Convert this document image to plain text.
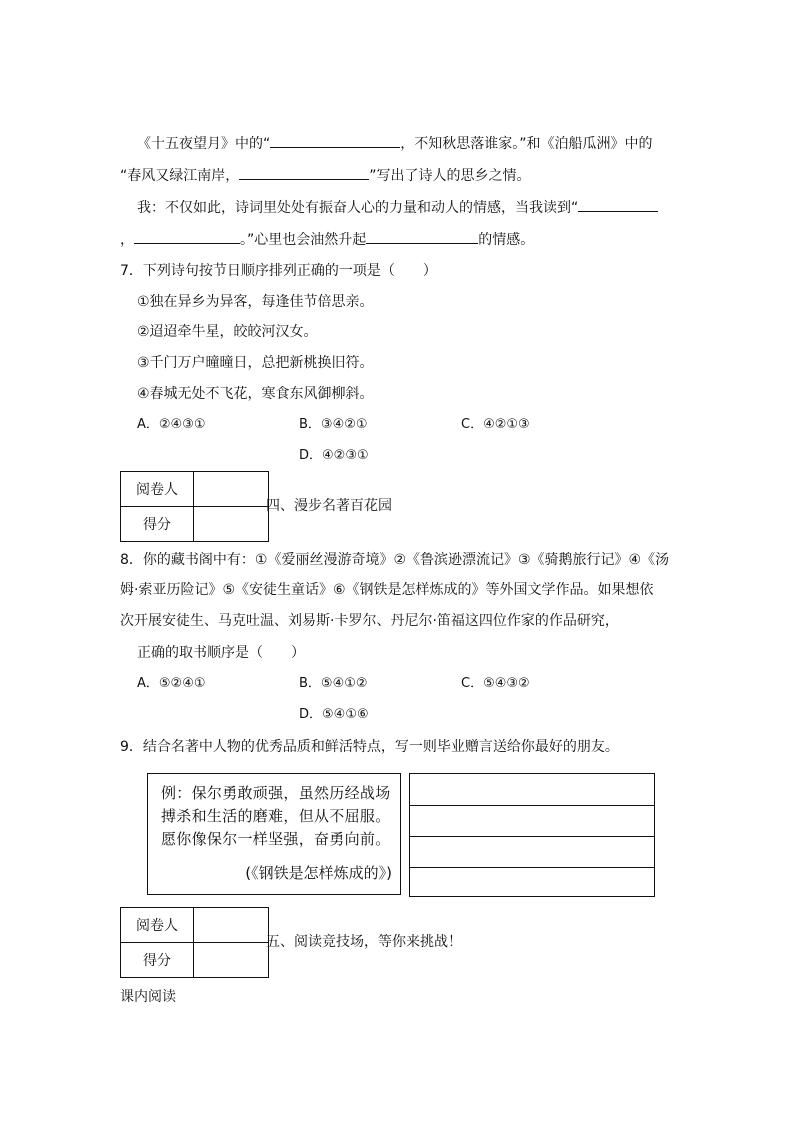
《十五夜望月》中的“	，不知秋思落谁家。”和《泊船瓜洲》中的
“春风又绿江南岸，	”写出了诗人的思乡之情。
我：不仅如此，诗词里处处有振奋人心的力量和动人的情感，当我读到“
，	。”心里也会油然升起	的情感。
7．下列诗句按节日顺序排列正确的一项是（　　）
①独在异乡为异客，每逢佳节倍思亲。
②迢迢牵牛星，皎皎河汉女。
③千门万户曈曈日，总把新桃换旧符。
④春城无处不飞花，寒食东风御柳斜。
A．②④③①	B．③④②①	C．④②①③
D．④②③①
阅卷人	
得分	
四、漫步名著百花园
8．你的藏书阁中有：①《爱丽丝漫游奇境》②《鲁滨逊漂流记》③《骑鹅旅行记》④《汤
姆·索亚历险记》⑤《安徒生童话》⑥《钢铁是怎样炼成的》等外国文学作品。如果想依
次开展安徒生、马克吐温、刘易斯·卡罗尔、丹尼尔·笛福这四位作家的作品研究，
正确的取书顺序是（　　）
A．⑤②④①	B．⑤④①②	C．⑤④③②
D．⑤④①⑥
9．结合名著中人物的优秀品质和鲜活特点，写一则毕业赠言送给你最好的朋友。
例：保尔勇敢顽强，虽然历经战场搏杀和生活的磨难，但从不屈服。愿你像保尔一样坚强，奋勇向前。
(《钢铁是怎样炼成的》)
阅卷人	
得分	
五、阅读竞技场，等你来挑战！
课内阅读
